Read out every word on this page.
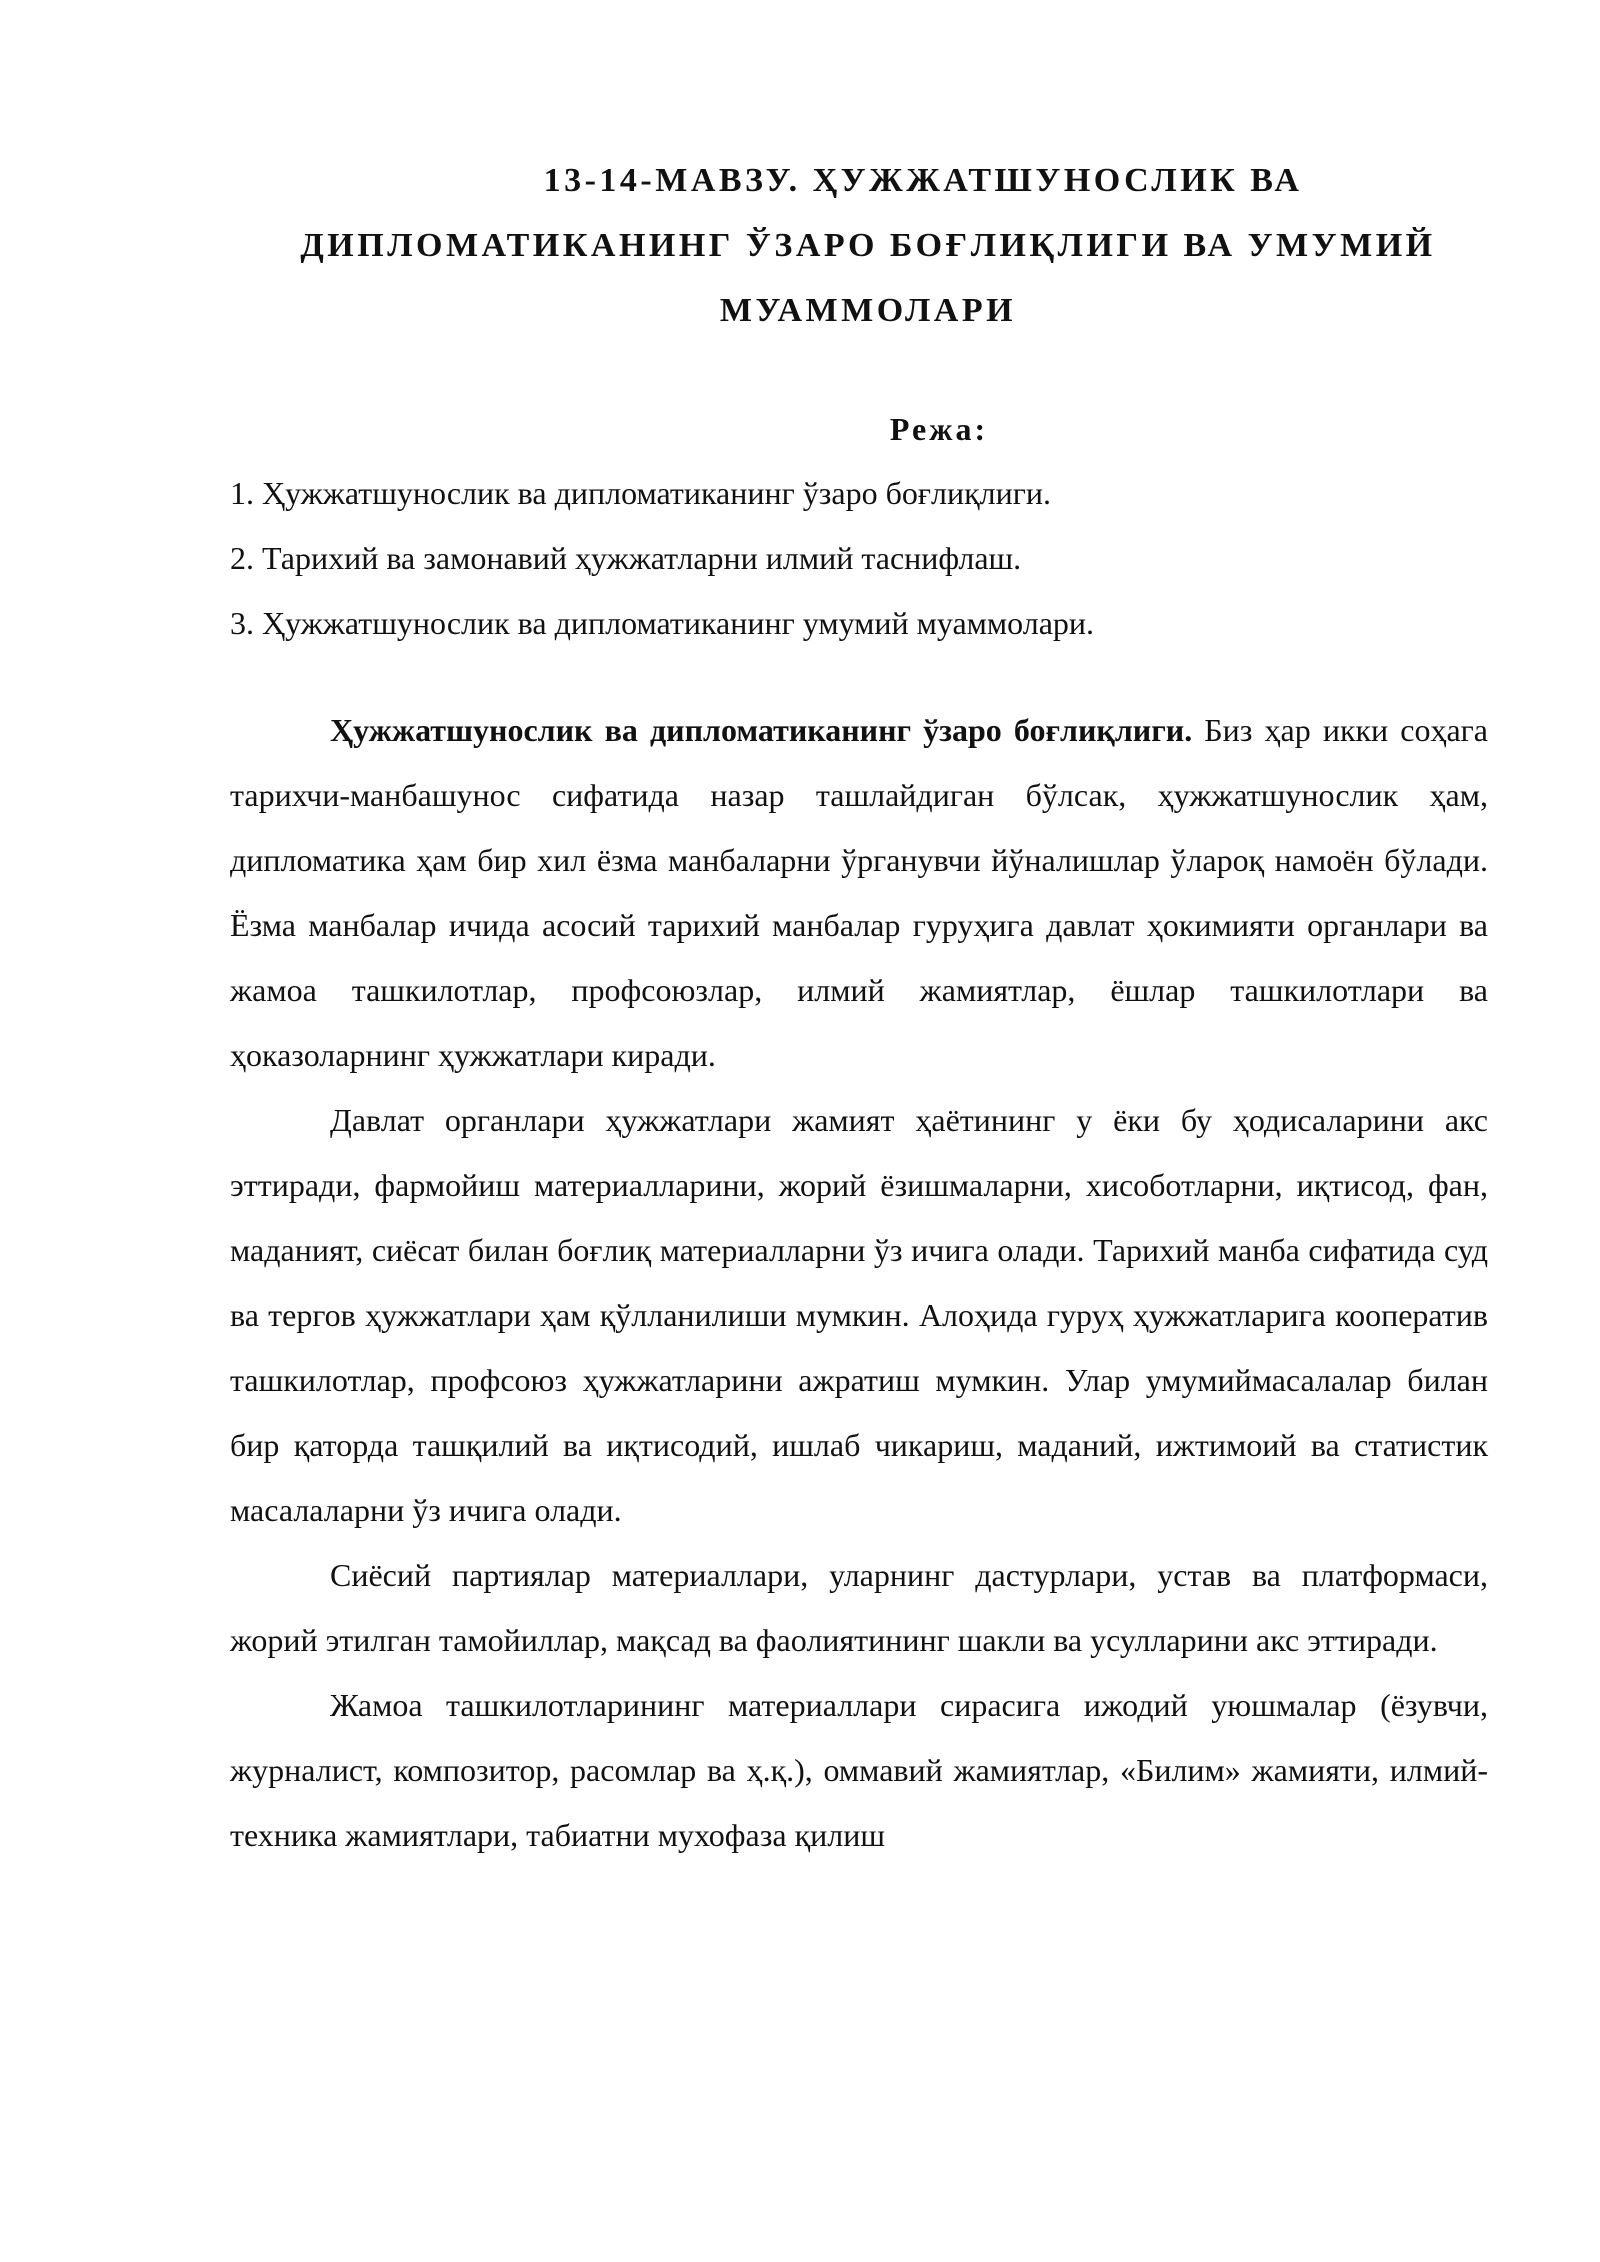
13-14-МАВЗУ. ҲУЖЖАТШУНОСЛИК ВА
ДИПЛОМАТИКАНИНГ ЎЗАРО БОҒЛИҚЛИГИ ВА УМУМИЙ
МУАММОЛАРИ
Режа:
1. Ҳужжатшунослик ва дипломатиканинг ўзаро боғлиқлиги.
2. Тарихий ва замонавий ҳужжатларни илмий таснифлаш.
3. Ҳужжатшунослик ва дипломатиканинг умумий муаммолари.

Ҳужжатшунослик ва дипломатиканинг ўзаро боғлиқлиги. Биз ҳар икки соҳага тарихчи-манбашунос сифатида назар ташлайдиган бўлсак, ҳужжатшунослик ҳам, дипломатика ҳам бир хил ёзма манбаларни ўрганувчи йўналишлар ўлароқ намоён бўлади. Ёзма манбалар ичида асосий тарихий манбалар гуруҳига давлат ҳокимияти органлари ва жамоа ташкилотлар, профсоюзлар, илмий жамиятлар, ёшлар ташкилотлари ва ҳоказоларнинг ҳужжатлари киради.

Давлат органлари ҳужжатлари жамият ҳаётининг у ёки бу ҳодисаларини акс эттиради, фармойиш материалларини, жорий ёзишмаларни, хисоботларни, иқтисод, фан, маданият, сиёсат билан боғлиқ материалларни ўз ичига олади. Тарихий манба сифатида суд ва тергов ҳужжатлари ҳам қўлланилиши мумкин. Алоҳида гуруҳ ҳужжатларига кооператив ташкилотлар, профсоюз ҳужжатларини ажратиш мумкин. Улар умумиймасалалар билан бир қаторда ташқилий ва иқтисодий, ишлаб чикариш, маданий, ижтимоий ва статистик масалаларни ўз ичига олади.

Сиёсий партиялар материаллари, уларнинг дастурлари, устав ва платформаси, жорий этилган тамойиллар, мақсад ва фаолиятининг шакли ва усулларини акс эттиради.

Жамоа ташкилотларининг материаллари сирасига ижодий уюшмалар (ёзувчи, журналист, композитор, расомлар ва ҳ.қ.), оммавий жамиятлар, «Билим» жамияти, илмий-техника жамиятлари, табиатни мухофаза қилиш
